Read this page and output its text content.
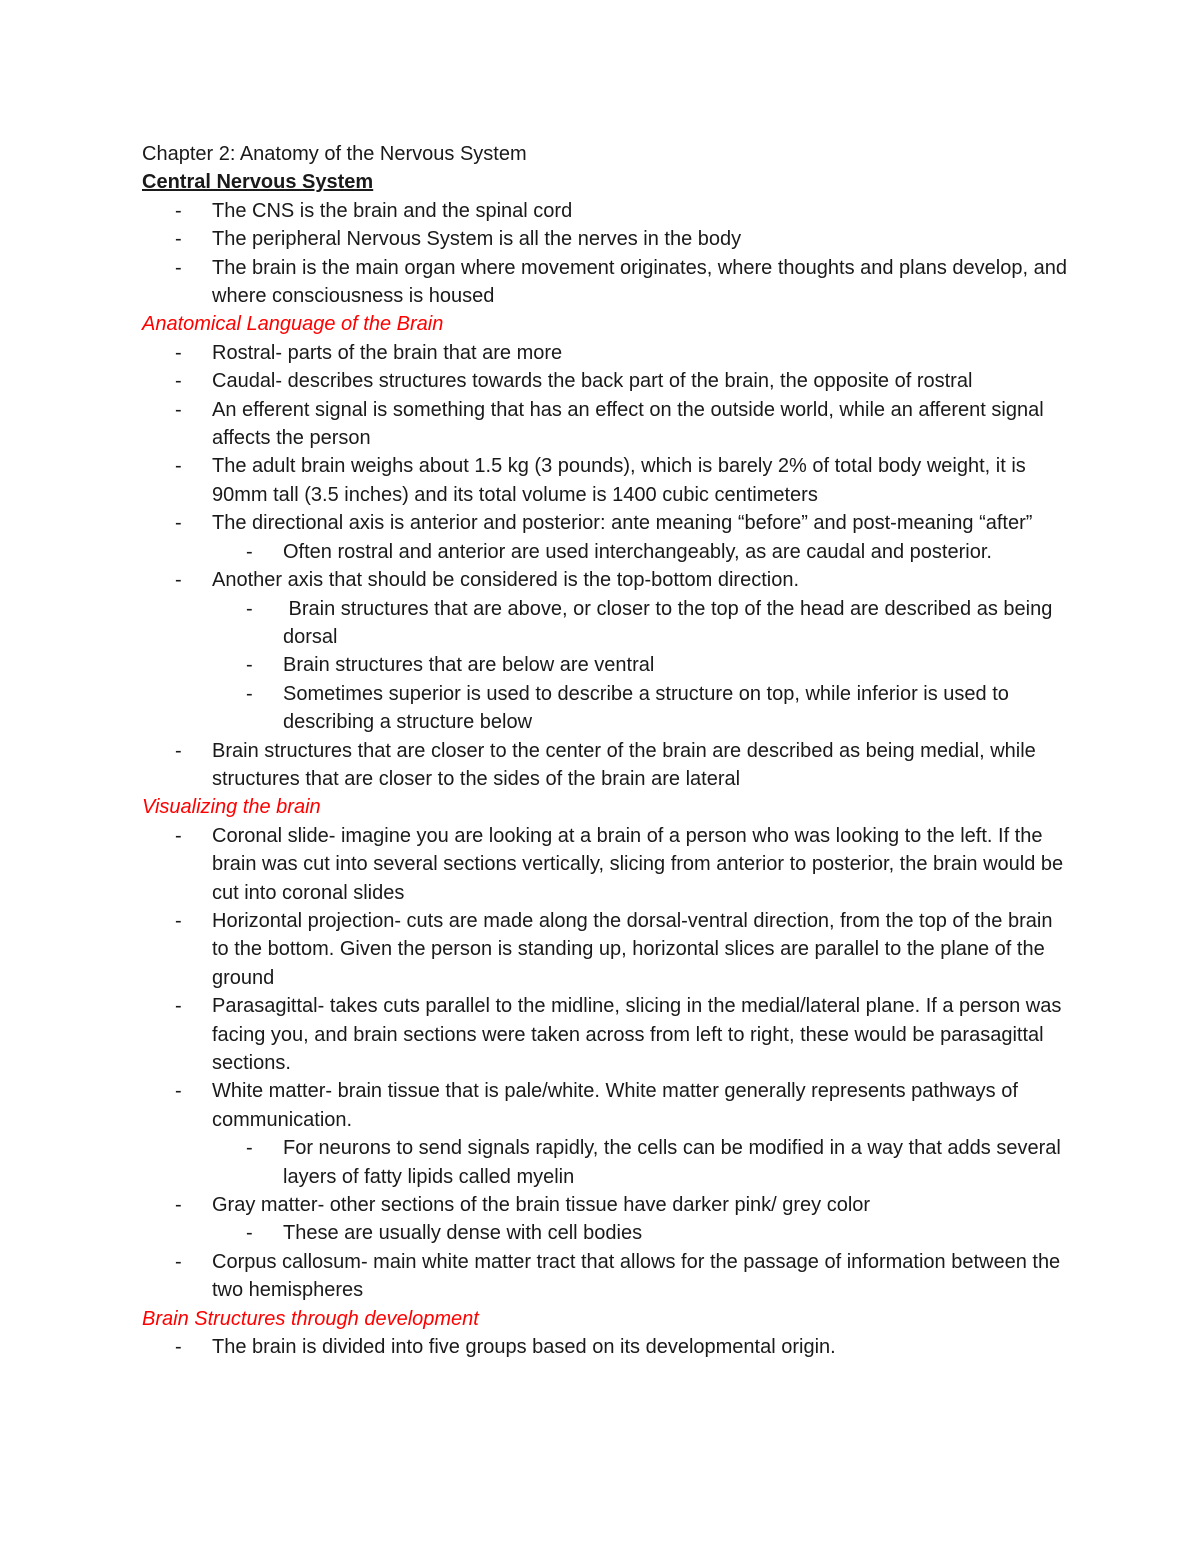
Chapter 2: Anatomy of the Nervous System

Central Nervous System

- The CNS is the brain and the spinal cord
- The peripheral Nervous System is all the nerves in the body
- The brain is the main organ where movement originates, where thoughts and plans develop, and where consciousness is housed

Anatomical Language of the Brain

- Rostral- parts of the brain that are more
- Caudal- describes structures towards the back part of the brain, the opposite of rostral
- An efferent signal is something that has an effect on the outside world, while an afferent signal affects the person
- The adult brain weighs about 1.5 kg (3 pounds), which is barely 2% of total body weight, it is 90mm tall (3.5 inches) and its total volume is 1400 cubic centimeters
- The directional axis is anterior and posterior: ante meaning “before” and post-meaning “after”
- Often rostral and anterior are used interchangeably, as are caudal and posterior.
- Another axis that should be considered is the top-bottom direction.
- Brain structures that are above, or closer to the top of the head are described as being dorsal
- Brain structures that are below are ventral
- Sometimes superior is used to describe a structure on top, while inferior is used to describing a structure below
- Brain structures that are closer to the center of the brain are described as being medial, while structures that are closer to the sides of the brain are lateral

Visualizing the brain

- Coronal slide- imagine you are looking at a brain of a person who was looking to the left. If the brain was cut into several sections vertically, slicing from anterior to posterior, the brain would be cut into coronal slides
- Horizontal projection- cuts are made along the dorsal-ventral direction, from the top of the brain to the bottom. Given the person is standing up, horizontal slices are parallel to the plane of the ground
- Parasagittal- takes cuts parallel to the midline, slicing in the medial/lateral plane. If a person was facing you, and brain sections were taken across from left to right, these would be parasagittal sections.
- White matter- brain tissue that is pale/white. White matter generally represents pathways of communication.
- For neurons to send signals rapidly, the cells can be modified in a way that adds several layers of fatty lipids called myelin
- Gray matter- other sections of the brain tissue have darker pink/ grey color
- These are usually dense with cell bodies
- Corpus callosum- main white matter tract that allows for the passage of information between the two hemispheres

Brain Structures through development

- The brain is divided into five groups based on its developmental origin.
